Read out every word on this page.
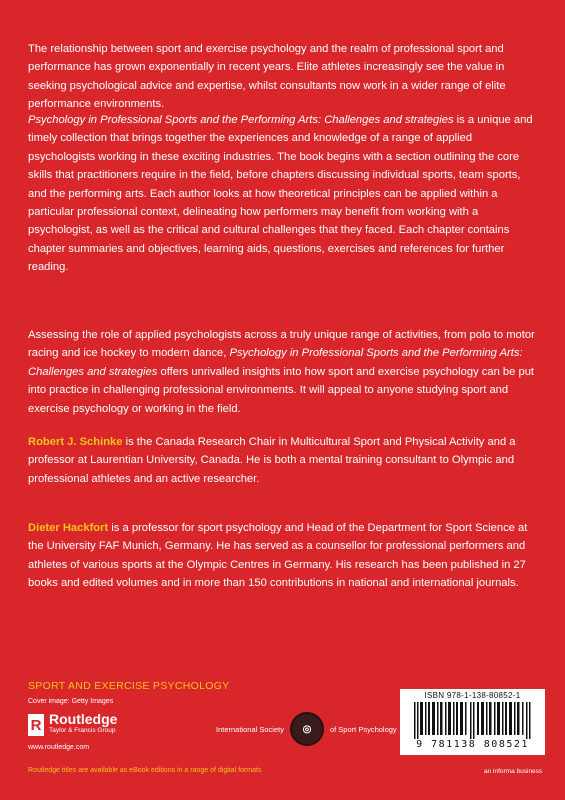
The relationship between sport and exercise psychology and the realm of professional sport and performance has grown exponentially in recent years. Elite athletes increasingly see the value in seeking psychological advice and expertise, whilst consultants now work in a wider range of elite performance environments.
Psychology in Professional Sports and the Performing Arts: Challenges and strategies is a unique and timely collection that brings together the experiences and knowledge of a range of applied psychologists working in these exciting industries. The book begins with a section outlining the core skills that practitioners require in the field, before chapters discussing individual sports, team sports, and the performing arts. Each author looks at how theoretical principles can be applied within a particular professional context, delineating how performers may benefit from working with a psychologist, as well as the critical and cultural challenges that they faced. Each chapter contains chapter summaries and objectives, learning aids, questions, exercises and references for further reading.
Assessing the role of applied psychologists across a truly unique range of activities, from polo to motor racing and ice hockey to modern dance, Psychology in Professional Sports and the Performing Arts: Challenges and strategies offers unrivalled insights into how sport and exercise psychology can be put into practice in challenging professional environments. It will appeal to anyone studying sport and exercise psychology or working in the field.
Robert J. Schinke is the Canada Research Chair in Multicultural Sport and Physical Activity and a professor at Laurentian University, Canada. He is both a mental training consultant to Olympic and professional athletes and an active researcher.
Dieter Hackfort is a professor for sport psychology and Head of the Department for Sport Science at the University FAF Munich, Germany. He has served as a counsellor for professional performers and athletes of various sports at the Olympic Centres in Germany. His research has been published in 27 books and edited volumes and in more than 150 contributions in national and international journals.
SPORT AND EXERCISE PSYCHOLOGY
Cover image: Getty Images
R Routledge
Taylor & Francis Group
www.routledge.com
International Society	◎	of Sport Psychology
ISBN 978-1-138-80852-1
9 781138 808521
Routledge titles are available as eBook editions in a range of digital formats	an informa business
